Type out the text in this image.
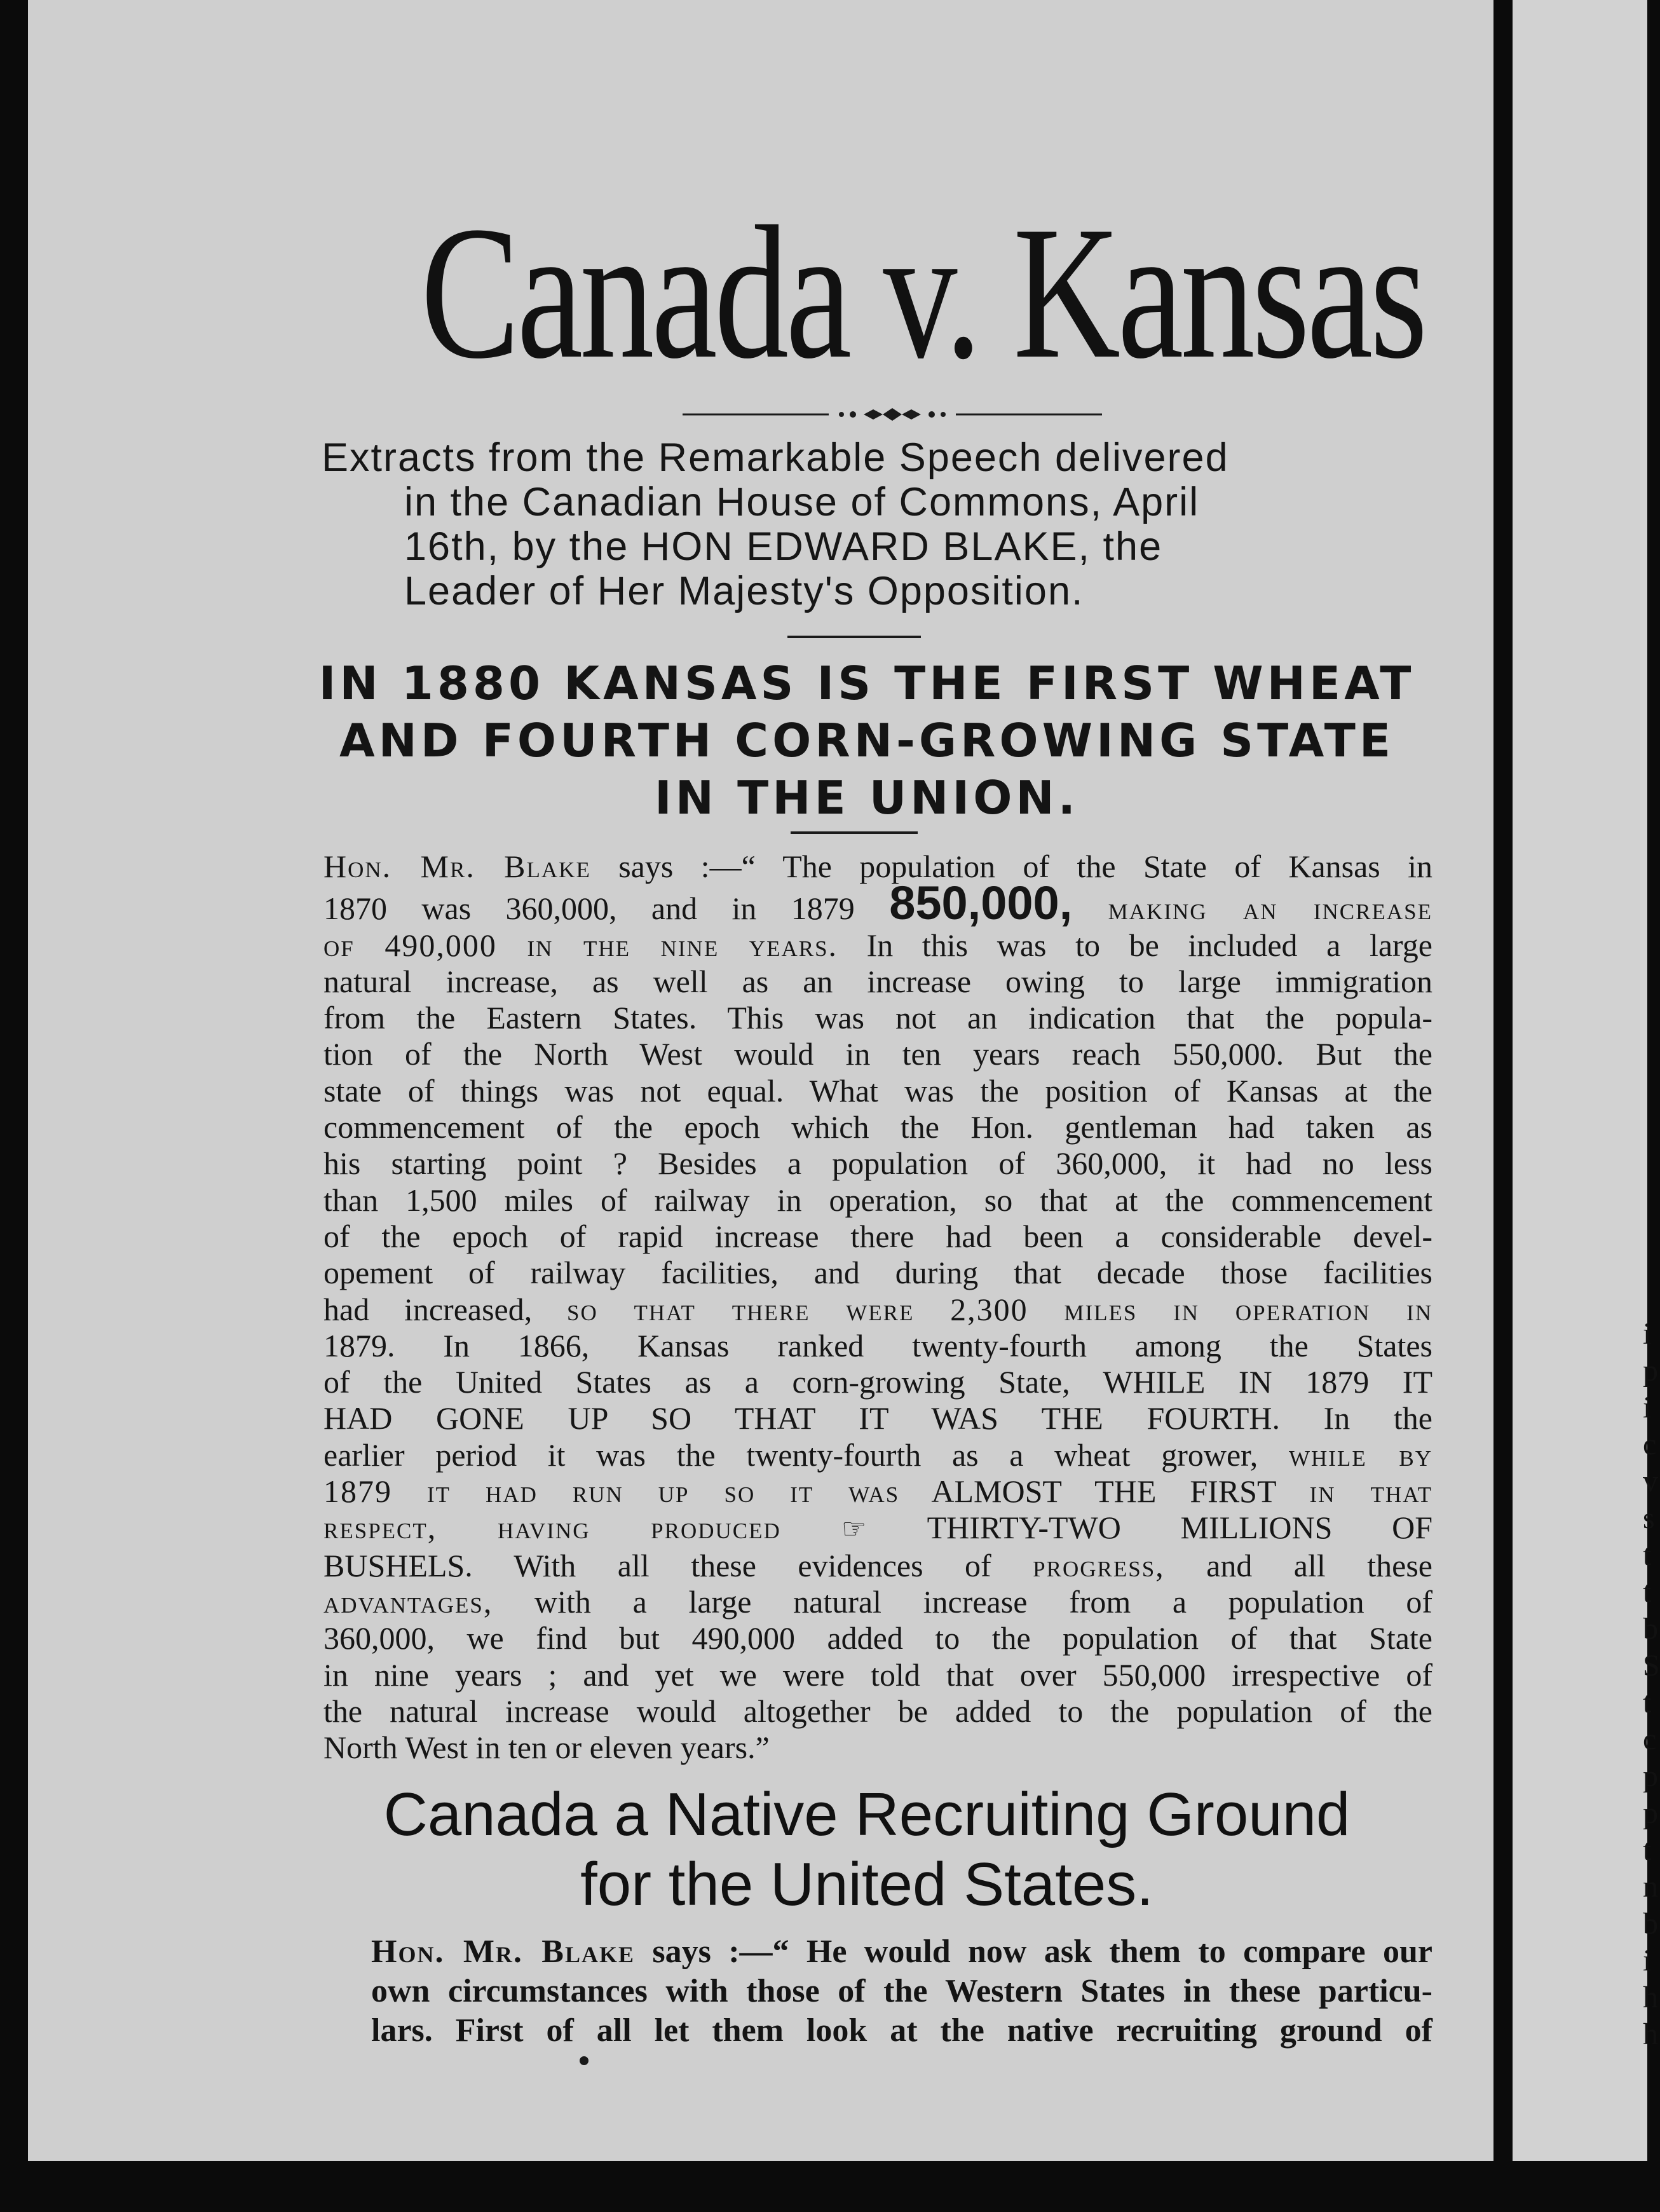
Canada v. Kansas
Extracts from the Remarkable Speech delivered
in the Canadian House of Commons, April
16th, by the HON EDWARD BLAKE, the
Leader of Her Majesty's Opposition.
IN 1880 KANSAS IS THE FIRST WHEAT
AND FOURTH CORN-GROWING STATE
IN THE UNION.
Hon. Mr. Blake says :—“ The population of the State of Kansas in
1870 was 360,000, and in 1879 850,000, making an increase
of 490,000 in the nine years. In this was to be included a large
natural increase, as well as an increase owing to large immigration
from the Eastern States. This was not an indication that the popula-
tion of the North West would in ten years reach 550,000. But the
state of things was not equal. What was the position of Kansas at the
commencement of the epoch which the Hon. gentleman had taken as
his starting point ? Besides a population of 360,000, it had no less
than 1,500 miles of railway in operation, so that at the commencement
of the epoch of rapid increase there had been a considerable devel-
opement of railway facilities, and during that decade those facilities
had increased, so that there were 2,300 miles in operation in
1879. In 1866, Kansas ranked twenty-fourth among the States
of the United States as a corn-growing State, WHILE IN 1879 IT
HAD GONE UP SO THAT IT WAS THE FOURTH. In the
earlier period it was the twenty-fourth as a wheat grower, while by
1879 it had run up so it was ALMOST THE FIRST in that
respect, having produced ☞ THIRTY-TWO MILLIONS OF
BUSHELS. With all these evidences of progress, and all these
advantages, with a large natural increase from a population of
360,000, we find but 490,000 added to the population of that State
in nine years ; and yet we were told that over 550,000 irrespective of
the natural increase would altogether be added to the population of the
North West in ten or eleven years.”
Canada a Native Recruiting Ground
for the United States.
Hon. Mr. Blake says :—“ He would now ask them to compare our
own circumstances with those of the Western States in these particu-
lars. First of all let them look at the native recruiting ground of
i
p
i
c
v
s
t
t
b
S
t
c
p
p
t
n
b
i
h
h
